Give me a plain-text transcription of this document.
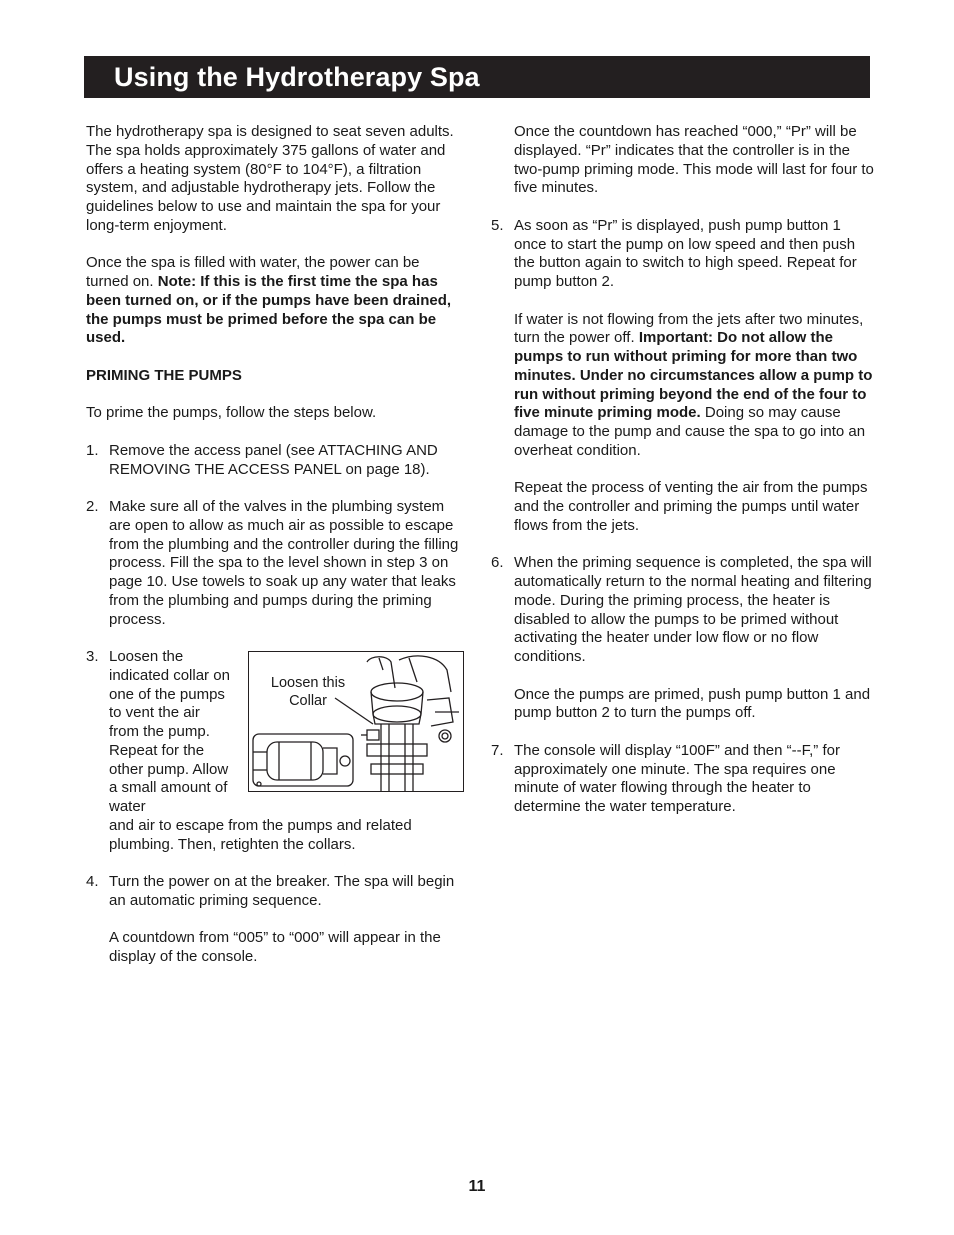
Using the Hydrotherapy Spa

The hydrotherapy spa is designed to seat seven adults. The spa holds approximately 375 gallons of water and offers a heating system (80°F to 104°F), a filtration system, and adjustable hydrotherapy jets. Follow the guidelines below to use and maintain the spa for your long-term enjoyment.

Once the spa is filled with water, the power can be turned on. Note: If this is the first time the spa has been turned on, or if the pumps have been drained, the pumps must be primed before the spa can be used.

PRIMING THE PUMPS

To prime the pumps, follow the steps below.

1. Remove the access panel (see ATTACHING AND REMOVING THE ACCESS PANEL on page 18).

2. Make sure all of the valves in the plumbing system are open to allow as much air as possible to escape from the plumbing and the controller during the filling process. Fill the spa to the level shown in step 3 on page 10. Use towels to soak up any water that leaks from the plumbing and pumps during the priming process.

3. Loosen the indicated collar on one of the pumps to vent the air from the pump. Repeat for the other pump. Allow a small amount of water

and air to escape from the pumps and related plumbing. Then, retighten the collars.

4. Turn the power on at the breaker. The spa will begin an automatic priming sequence.

A countdown from “005” to “000” will appear in the display of the console.

Loosen this Collar

Once the countdown has reached “000,” “Pr” will be displayed. “Pr” indicates that the controller is in the two-pump priming mode. This mode will last for four to five minutes.

5. As soon as “Pr” is displayed, push pump button 1 once to start the pump on low speed and then push the button again to switch to high speed. Repeat for pump button 2.

If water is not flowing from the jets after two minutes, turn the power off. Important: Do not allow the pumps to run without priming for more than two minutes. Under no circumstances allow a pump to run without priming beyond the end of the four to five minute priming mode. Doing so may cause damage to the pump and cause the spa to go into an overheat condition.

Repeat the process of venting the air from the pumps and the controller and priming the pumps until water flows from the jets.

6. When the priming sequence is completed, the spa will automatically return to the normal heating and filtering mode. During the priming process, the heater is disabled to allow the pumps to be primed without activating the heater under low flow or no flow conditions.

Once the pumps are primed, push pump button 1 and pump button 2 to turn the pumps off.

7. The console will display “100F” and then “--F,” for approximately one minute. The spa requires one minute of water flowing through the heater to determine the water temperature.

11
